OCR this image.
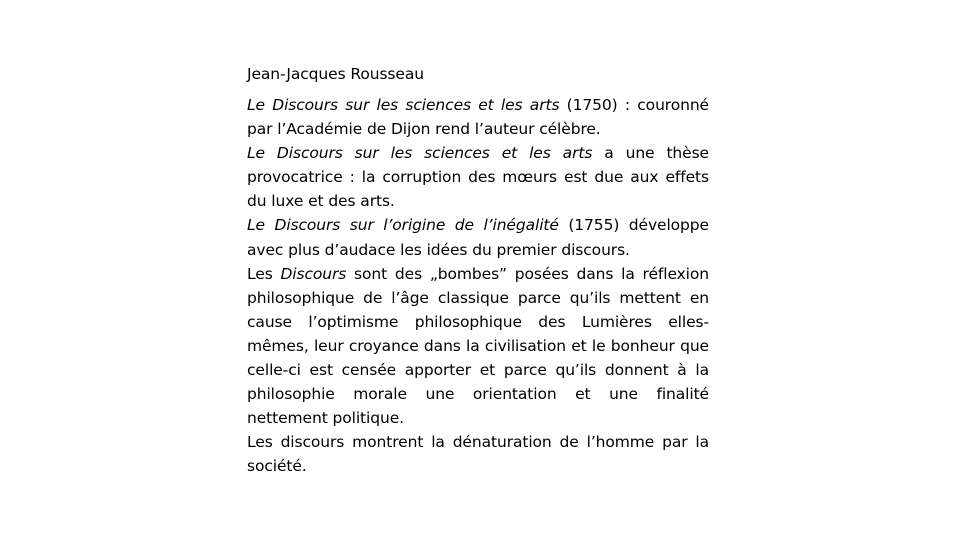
Jean-Jacques Rousseau

Le Discours sur les sciences et les arts (1750) : couronné par l’Académie de Dijon rend l’auteur célèbre.

Le Discours sur les sciences et les arts a une thèse provocatrice : la corruption des mœurs est due aux effets du luxe et des arts.

Le Discours sur l’origine de l’inégalité (1755) développe avec plus d’audace les idées du premier discours.

Les Discours sont des „bombes” posées dans la réflexion philosophique de l’âge classique parce qu’ils mettent en cause l’optimisme philosophique des Lumières elles-mêmes, leur croyance dans la civilisation et le bonheur que celle-ci est censée apporter et parce qu’ils donnent à la philosophie morale une orientation et une finalité nettement politique.

Les discours montrent la dénaturation de l’homme par la société.
